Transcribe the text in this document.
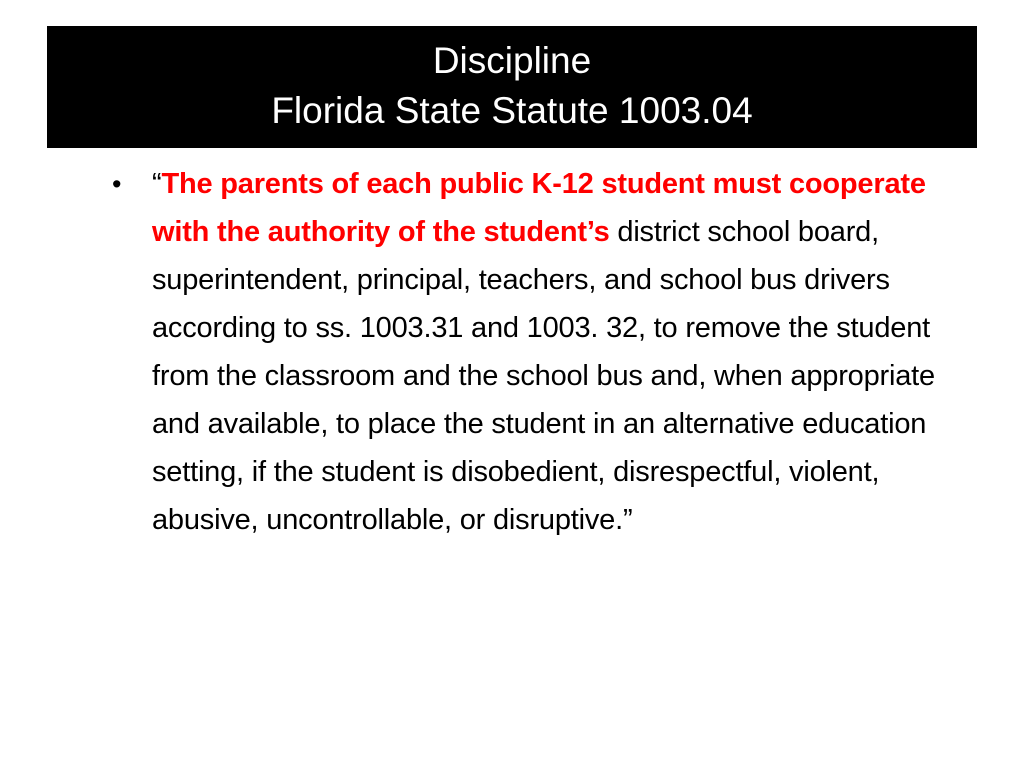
Discipline
Florida State Statute 1003.04
•	“The parents of each public K-12 student must cooperate with the authority of the student’s district school board, superintendent, principal, teachers, and school bus drivers according to ss. 1003.31 and 1003. 32, to remove the student from the classroom and the school bus and, when appropriate and available, to place the student in an alternative education setting, if the student is disobedient, disrespectful, violent, abusive, uncontrollable, or disruptive.”
